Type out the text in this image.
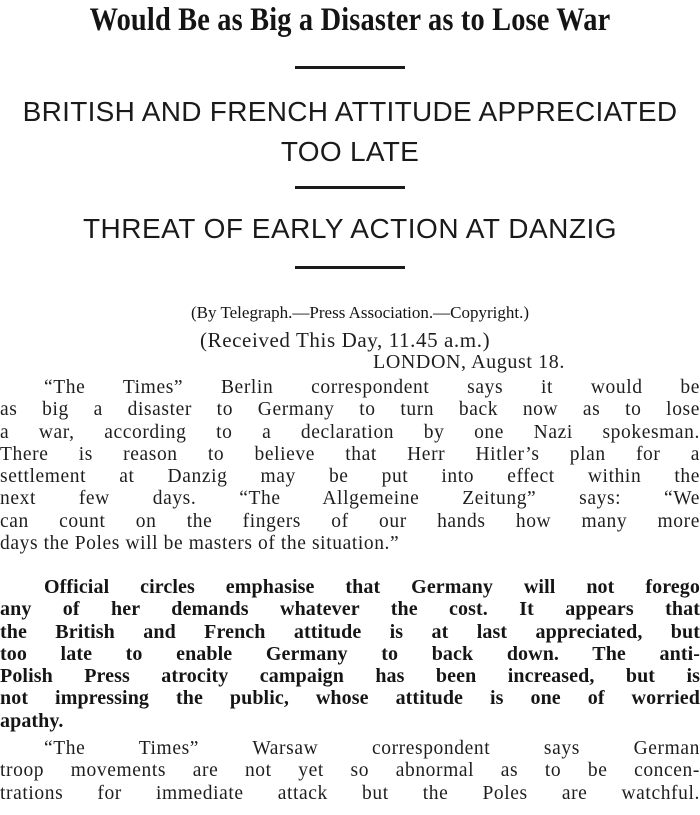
Would Be as Big a Disaster as to Lose War
BRITISH AND FRENCH ATTITUDE APPRECIATED
TOO LATE
THREAT OF EARLY ACTION AT DANZIG
(By Telegraph.—Press Association.—Copyright.)
(Received This Day, 11.45 a.m.)
LONDON, August 18.
“The Times” Berlin correspondent says it would be
as big a disaster to Germany to turn back now as to lose
a war, according to a declaration by one Nazi spokesman.
There is reason to believe that Herr Hitler’s plan for a
settlement at Danzig may be put into effect within the
next few days. “The Allgemeine Zeitung” says: “We
can count on the fingers of our hands how many more
days the Poles will be masters of the situation.”
Official circles emphasise that Germany will not forego
any of her demands whatever the cost. It appears that
the British and French attitude is at last appreciated, but
too late to enable Germany to back down. The anti-
Polish Press atrocity campaign has been increased, but is
not impressing the public, whose attitude is one of worried
apathy.
“The Times” Warsaw correspondent says German
troop movements are not yet so abnormal as to be concen-
trations for immediate attack but the Poles are watchful.
